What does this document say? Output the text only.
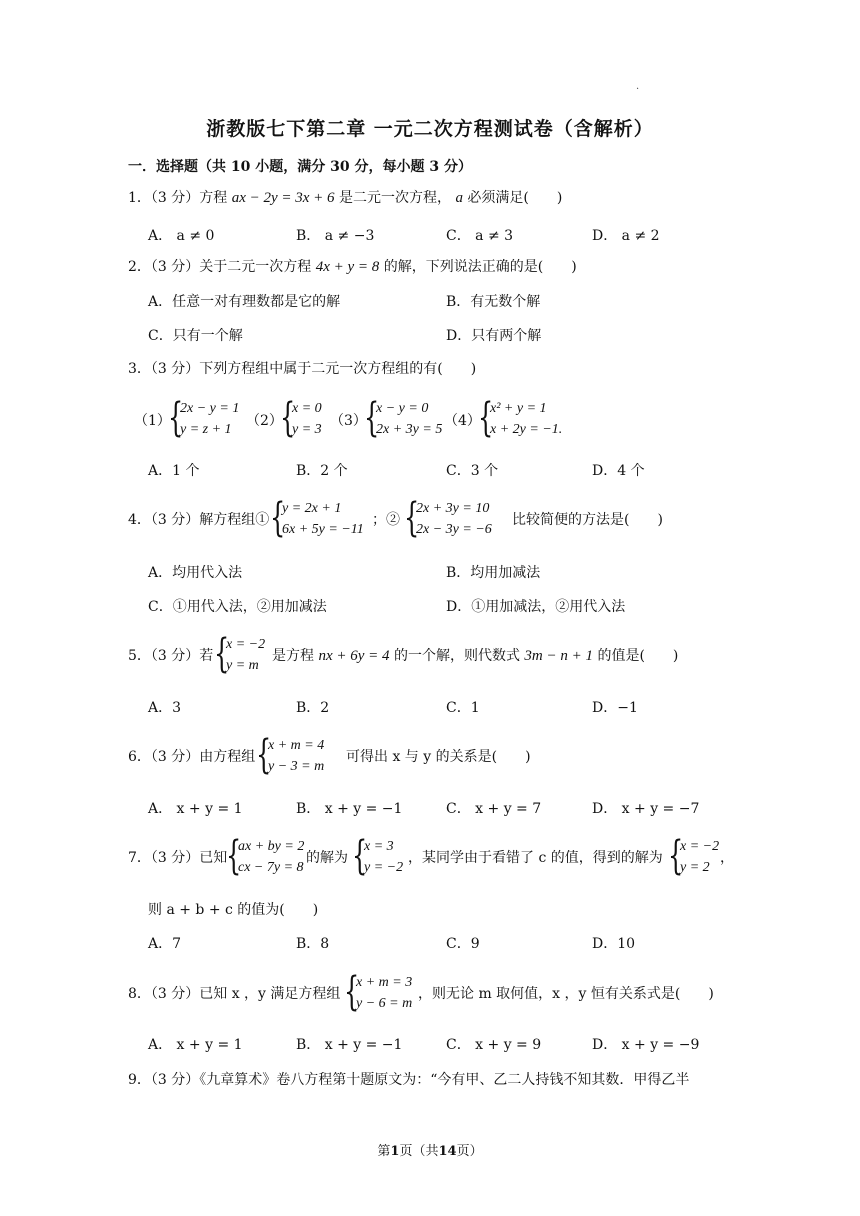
·
浙教版七下第二章 一元二次方程测试卷（含解析）
一．选择题（共 10 小题，满分 30 分，每小题 3 分）
1．（3 分）方程 ax − 2y = 3x + 6 是二元一次方程， a 必须满足(　　)
A． a ≠ 0	B． a ≠ −3	C． a ≠ 3	D． a ≠ 2
2．（3 分）关于二元一次方程 4x + y = 8 的解，下列说法正确的是(　　)
A．任意一对有理数都是它的解	B．有无数个解
C．只有一个解	D．只有两个解
3．（3 分）下列方程组中属于二元一次方程组的有(　　)
（1）
{
2x − y = 1
y = z + 1
（2）
{
x = 0
y = 3
（3）
{
x − y = 0
2x + 3y = 5
（4）
{
x² + y = 1
x + 2y = −1.
A．1 个	B．2 个	C．3 个	D．4 个
4．（3 分）解方程组① {
y = 2x + 1
6x + 5y = −11
；② {
2x + 3y = 10
2x − 3y = −6
比较简便的方法是(　　)
A．均用代入法	B．均用加减法
C．①用代入法，②用加减法	D．①用加减法，②用代入法
5．（3 分）若 {
x = −2
y = m
是方程 nx + 6y = 4 的一个解，则代数式 3m − n + 1 的值是(　　)
A．3	B．2	C．1	D．−1
6．（3 分）由方程组 {
x + m = 4
y − 3 = m
可得出 x 与 y 的关系是(　　)
A． x + y = 1	B． x + y = −1	C． x + y = 7	D． x + y = −7
7．（3 分）已知
{
ax + by = 2
cx − 7y = 8
的解为 {
x = 3
y = −2
，某同学由于看错了 c 的值，得到的解为 {
x = −2
y = 2
，
则 a + b + c 的值为(　　)
A．7	B．8	C．9	D．10
8．（3 分）已知 x ，y 满足方程组 {
x + m = 3
y − 6 = m
，则无论 m 取何值，x ，y 恒有关系式是(　　)
A． x + y = 1	B． x + y = −1	C． x + y = 9	D． x + y = −9
9．（3 分）《九章算术》卷八方程第十题原文为：“今有甲、乙二人持钱不知其数．甲得乙半
第1页（共14页）
